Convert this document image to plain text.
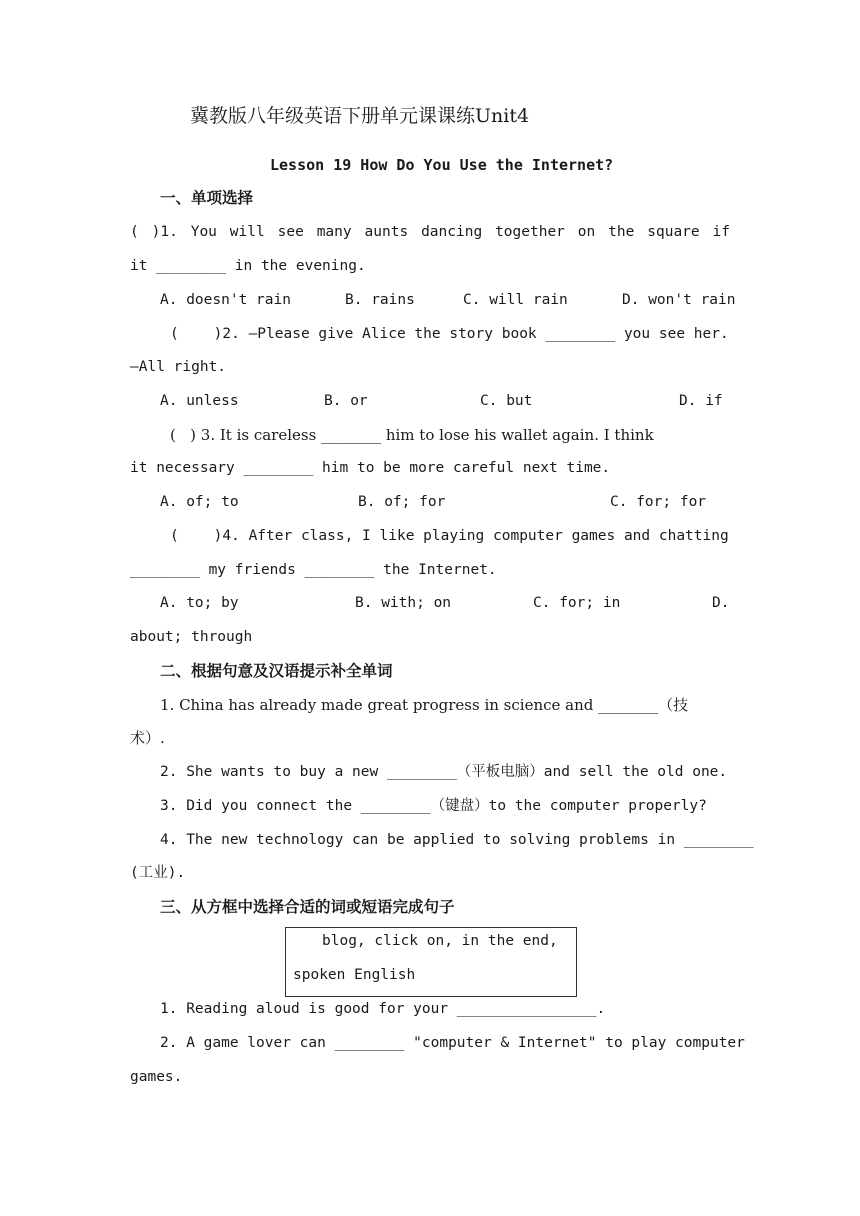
冀教版八年级英语下册单元课课练Unit4
Lesson 19 How Do You Use the Internet?
一、单项选择
( )1. You will see many aunts dancing together on the square if
it ________ in the evening.
A. doesn't rain	B. rains	C. will rain	D. won't rain
(    )2. —Please give Alice the story book ________ you see her.
—All right.
A. unless	B. or	C. but	D. if
(   ) 3. It is careless ________ him to lose his wallet again. I think
it necessary ________ him to be more careful next time.
A. of; to	B. of; for	C. for; for
(    )4. After class, I like playing computer games and chatting
________ my friends ________ the Internet.
A. to; by	B. with; on	C. for; in	D.
about; through
二、根据句意及汉语提示补全单词
1. China has already made great progress in science and ________（技
术）.
2. She wants to buy a new ________（平板电脑）and sell the old one.
3. Did you connect the ________（键盘）to the computer properly?
4. The new technology can be applied to solving problems in ________
(工业).
三、从方框中选择合适的词或短语完成句子
blog, click on, in the end,
spoken English
1. Reading aloud is good for your ________________.
2. A game lover can ________ "computer & Internet" to play computer
games.
